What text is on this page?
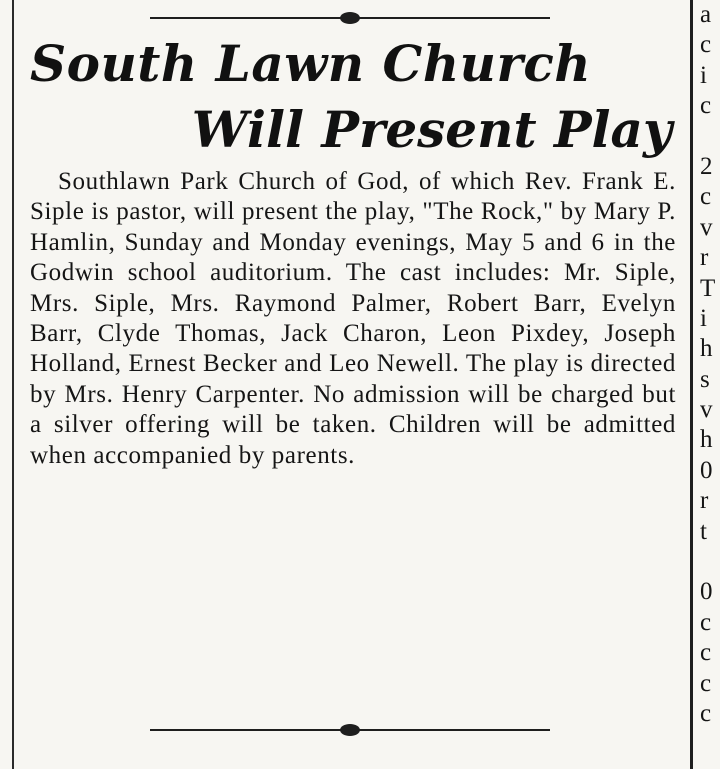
South Lawn Church
Will Present Play

Southlawn Park Church of God, of which Rev. Frank E. Siple is pastor, will present the play, "The Rock," by Mary P. Hamlin, Sunday and Monday evenings, May 5 and 6 in the Godwin school auditorium. The cast includes: Mr. Siple, Mrs. Siple, Mrs. Raymond Palmer, Robert Barr, Evelyn Barr, Clyde Thomas, Jack Charon, Leon Pixdey, Joseph Holland, Ernest Becker and Leo Newell. The play is directed by Mrs. Henry Carpenter. No admission will be charged but a silver offering will be taken. Children will be admitted when accompanied by parents.

a
c
i
c
2
c
v
r
T
i
h
s
v
h
0
r
t
0
c
c
c
c
